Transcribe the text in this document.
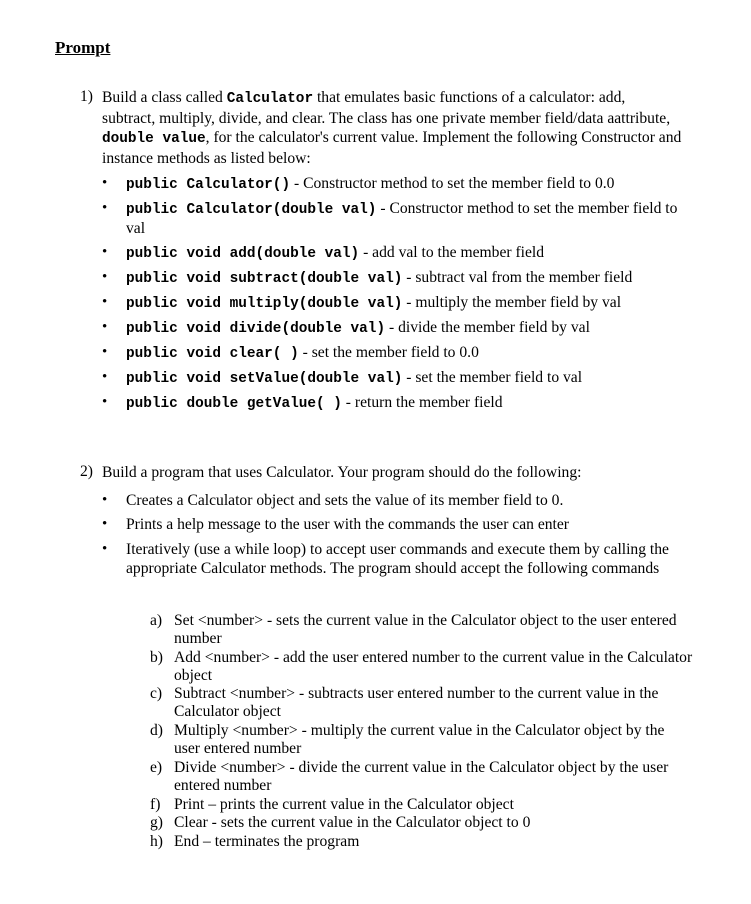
Prompt
1) Build a class called Calculator that emulates basic functions of a calculator: add, subtract, multiply, divide, and clear. The class has one private member field/data aattribute, double value, for the calculator's current value. Implement the following Constructor and instance methods as listed below:
• public Calculator() - Constructor method to set the member field to 0.0
• public Calculator(double val) - Constructor method to set the member field to val
• public void add(double val) - add val to the member field
• public void subtract(double val) - subtract val from the member field
• public void multiply(double val) - multiply the member field by val
• public void divide(double val) - divide the member field by val
• public void clear( ) - set the member field to 0.0
• public void setValue(double val) - set the member field to val
• public double getValue( ) - return the member field
2) Build a program that uses Calculator. Your program should do the following:
• Creates a Calculator object and sets the value of its member field to 0.
• Prints a help message to the user with the commands the user can enter
• Iteratively (use a while loop) to accept user commands and execute them by calling the appropriate Calculator methods. The program should accept the following commands
a) Set <number> - sets the current value in the Calculator object to the user entered number
b) Add <number> - add the user entered number to the current value in the Calculator object
c) Subtract <number> - subtracts user entered number to the current value in the Calculator object
d) Multiply <number> - multiply the current value in the Calculator object by the user entered number
e) Divide <number> - divide the current value in the Calculator object by the user entered number
f) Print – prints the current value in the Calculator object
g) Clear - sets the current value in the Calculator object to 0
h) End – terminates the program
